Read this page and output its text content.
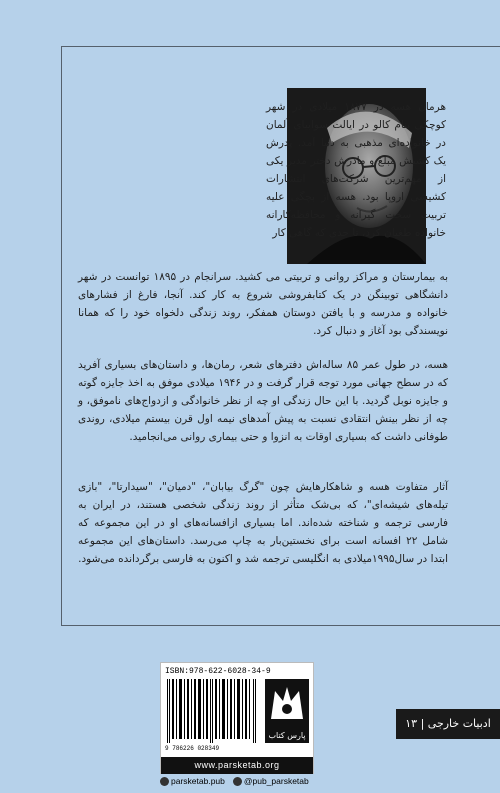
هرمان هسه در ۱۸۷۷ میلادی در شهر کوچکی بنام کالو در ایالت سوابیای آلمان در خانواده‌ای مذهبی به دنیا آمد. پدرش یک کشیش مبلغ و مادرش دختر مدیر یکی از مهم‌ترین شرکت‌های انتشارات کشیشی اروپا بود. هسه از بچگی علیه تربیت سخت گیرانه و محافظه‌کارانه خانواده طغیان کرد، تا حدی که گاهی کار
به بیمارستان و مراکز روانی و تربیتی می کشید. سرانجام در ۱۸۹۵ توانست در شهر دانشگاهی توبینگن در یک کتابفروشی شروع به کار کند. آنجا، فارغ از فشارهای خانواده و مدرسه و با یافتن دوستان همفکر، روند زندگی دلخواه خود را که همانا نویسندگی بود آغاز و دنبال کرد.
هسه، در طول عمر ۸۵ ساله‌اش دفترهای شعر، رمان‌ها، و داستان‌های بسیاری آفرید که در سطح جهانی مورد توجه قرار گرفت و در ۱۹۴۶ میلادی موفق به اخذ جایزه گوته و جایزه نوبل گردید. با این حال زندگی او چه از نظر خانوادگی و ازدواج‌های ناموفق، و چه از نظر بینش انتقادی نسبت به پیش آمدهای نیمه اول قرن بیستم میلادی، روندی طوفانی داشت که بسیاری اوقات به انزوا و حتی بیماری روانی می‌انجامید.
آثار متفاوت هسه و شاهکارهایش چون "گرگ بیابان"، "دمیان"، "سیدارتا"، "بازی تیله‌های شیشه‌ای"، که بی‌شک متأثر از روند زندگی شخصی هستند، در ایران به فارسی ترجمه و شناخته شده‌اند. اما بسیاری ازافسانه‌های او در این مجموعه که شامل ۲۲ افسانه است برای نخستین‌بار به چاپ می‌رسد. داستان‌های این مجموعه ابتدا در سال۱۹۹۵میلادی به انگلیسی ترجمه شد و اکنون به فارسی برگردانده می‌شود.
ISBN:978-622-6028-34-9
9 786226 028349
پارس کتاب
www.parsketab.org
parsketab.pub	@pub_parsketab
ادبیات خارجی | ۱۳
